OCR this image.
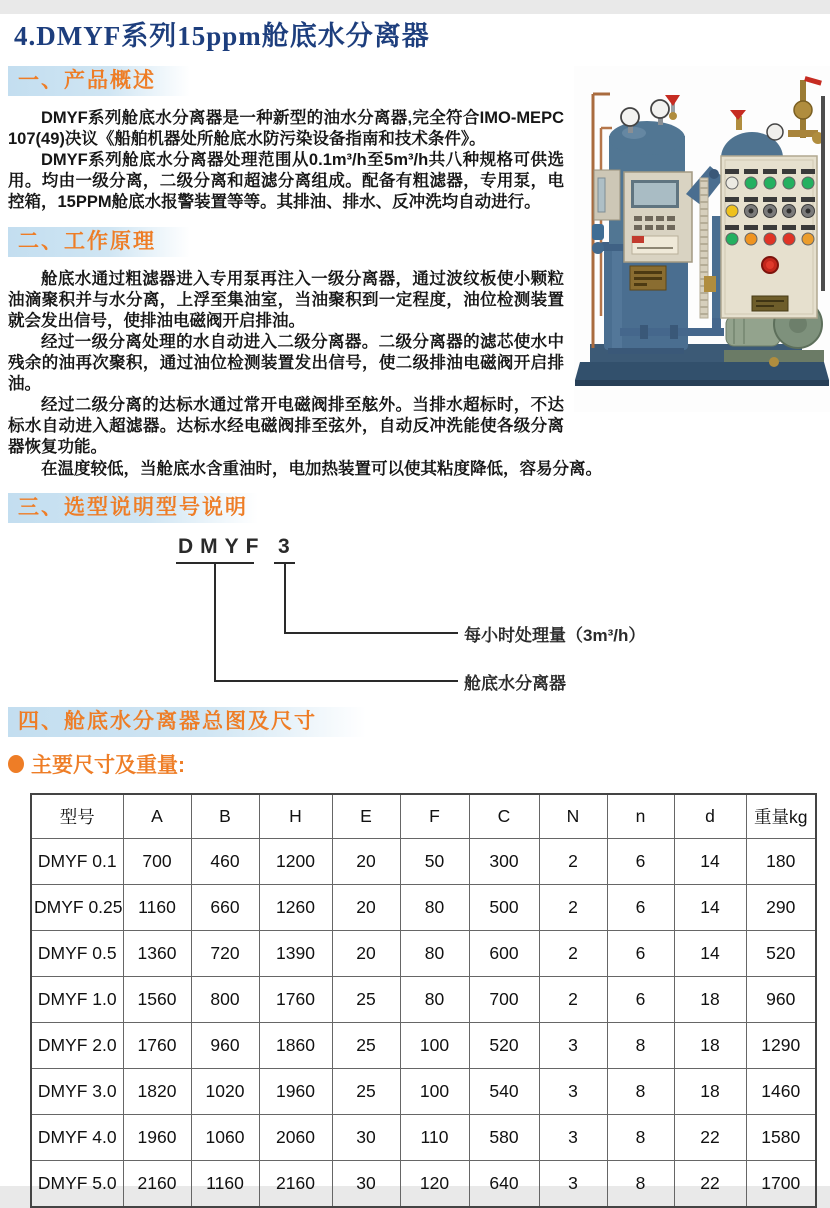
4.DMYF系列15ppm舱底水分离器
一、产品概述

DMYF系列舱底水分离器是一种新型的油水分离器,完全符合IMO-MEPC107(49)决议《船舶机器处所舱底水防污染设备指南和技术条件》。

DMYF系列舱底水分离器处理范围从0.1m³/h至5m³/h共八种规格可供选用。均由一级分离，二级分离和超滤分离组成。配备有粗滤器，专用泵，电控箱，15PPM舱底水报警装置等等。其排油、排水、反冲洗均自动进行。

二、工作原理

舱底水通过粗滤器进入专用泵再注入一级分离器，通过波纹板使小颗粒油滴聚积并与水分离，上浮至集油室，当油聚积到一定程度，油位检测装置就会发出信号，使排油电磁阀开启排油。

经过一级分离处理的水自动进入二级分离器。二级分离器的滤芯使水中残余的油再次聚积，通过油位检测装置发出信号，使二级排油电磁阀开启排油。

经过二级分离的达标水通过常开电磁阀排至舷外。当排水超标时，不达标水自动进入超滤器。达标水经电磁阀排至弦外，自动反冲洗能使各级分离器恢复功能。

在温度较低，当舱底水含重油时，电加热装置可以使其粘度降低，容易分离。

三、选型说明型号说明
DMYF 3
每小时处理量（3m³/h）
舱底水分离器
四、舱底水分离器总图及尺寸
主要尺寸及重量:
型号	A	B	H	E	F	C	N	n	d	重量kg
DMYF 0.1	700	460	1200	20	50	300	2	6	14	180
DMYF 0.25	1160	660	1260	20	80	500	2	6	14	290
DMYF 0.5	1360	720	1390	20	80	600	2	6	14	520
DMYF 1.0	1560	800	1760	25	80	700	2	6	18	960
DMYF 2.0	1760	960	1860	25	100	520	3	8	18	1290
DMYF 3.0	1820	1020	1960	25	100	540	3	8	18	1460
DMYF 4.0	1960	1060	2060	30	110	580	3	8	22	1580
DMYF 5.0	2160	1160	2160	30	120	640	3	8	22	1700
